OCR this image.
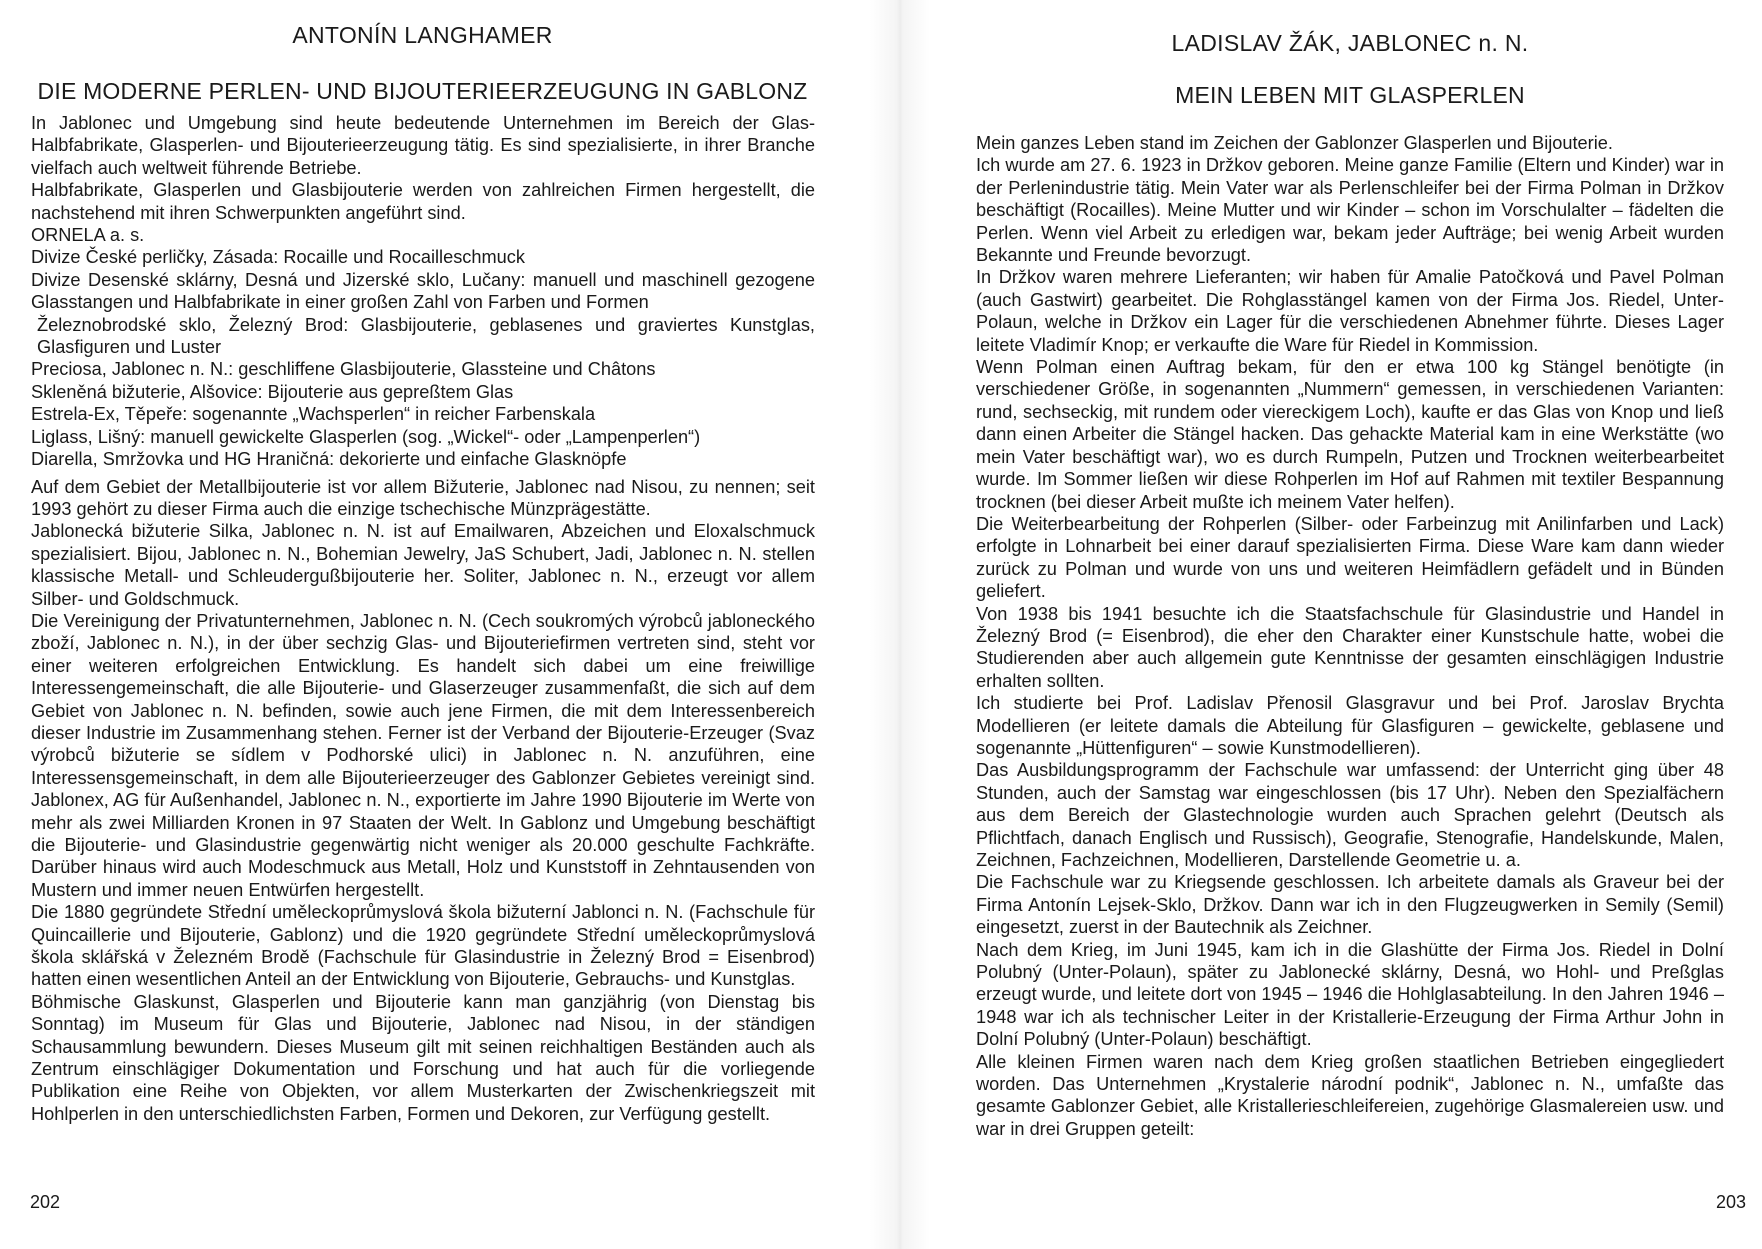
ANTONÍN LANGHAMER
DIE MODERNE PERLEN- UND BIJOUTERIEERZEUGUNG IN GABLONZ

In Jablonec und Umgebung sind heute bedeutende Unternehmen im Bereich der Glas-Halbfabrikate, Glasperlen- und Bijouterieerzeugung tätig. Es sind spezialisierte, in ihrer Branche vielfach auch weltweit führende Betriebe.

Halbfabrikate, Glasperlen und Glasbijouterie werden von zahlreichen Firmen hergestellt, die nachstehend mit ihren Schwerpunkten angeführt sind.

ORNELA a. s.

Divize České perličky, Zásada: Rocaille und Rocailleschmuck

Divize Desenské sklárny, Desná und Jizerské sklo, Lučany: manuell und maschinell gezogene Glasstangen und Halbfabrikate in einer großen Zahl von Farben und Formen

Železnobrodské sklo, Železný Brod: Glasbijouterie, geblasenes und graviertes Kunstglas, Glasfiguren und Luster

Preciosa, Jablonec n. N.: geschliffene Glasbijouterie, Glassteine und Châtons

Skleněná bižuterie, Alšovice: Bijouterie aus gepreßtem Glas

Estrela-Ex, Těpeře: sogenannte „Wachsperlen“ in reicher Farbenskala

Liglass, Lišný: manuell gewickelte Glasperlen (sog. „Wickel“- oder „Lampenperlen“)

Diarella, Smržovka und HG Hraničná: dekorierte und einfache Glasknöpfe

Auf dem Gebiet der Metallbijouterie ist vor allem Bižuterie, Jablonec nad Nisou, zu nennen; seit 1993 gehört zu dieser Firma auch die einzige tschechische Münzprägestätte.

Jablonecká bižuterie Silka, Jablonec n. N. ist auf Emailwaren, Abzeichen und Eloxalschmuck spezialisiert. Bijou, Jablonec n. N., Bohemian Jewelry, JaS Schubert, Jadi, Jablonec n. N. stellen klassische Metall- und Schleudergußbijouterie her. Soliter, Jablonec n. N., erzeugt vor allem Silber- und Goldschmuck.

Die Vereinigung der Privatunternehmen, Jablonec n. N. (Cech soukromých výrobců jabloneckého zboží, Jablonec n. N.), in der über sechzig Glas- und Bijouteriefirmen vertreten sind, steht vor einer weiteren erfolgreichen Entwicklung. Es handelt sich dabei um eine freiwillige Interessengemeinschaft, die alle Bijouterie- und Glaserzeuger zusammenfaßt, die sich auf dem Gebiet von Jablonec n. N. befinden, sowie auch jene Firmen, die mit dem Interessenbereich dieser Industrie im Zusammenhang stehen. Ferner ist der Verband der Bijouterie-Erzeuger (Svaz výrobců bižuterie se sídlem v Podhorské ulici) in Jablonec n. N. anzuführen, eine Interessensgemeinschaft, in dem alle Bijouterieerzeuger des Gablonzer Gebietes vereinigt sind. Jablonex, AG für Außenhandel, Jablonec n. N., exportierte im Jahre 1990 Bijouterie im Werte von mehr als zwei Milliarden Kronen in 97 Staaten der Welt. In Gablonz und Umgebung beschäftigt die Bijouterie- und Glasindustrie gegenwärtig nicht weniger als 20.000 geschulte Fachkräfte. Darüber hinaus wird auch Modeschmuck aus Metall, Holz und Kunststoff in Zehntausenden von Mustern und immer neuen Entwürfen hergestellt.

Die 1880 gegründete Střední uměleckoprůmyslová škola bižuterní Jablonci n. N. (Fachschule für Quincaillerie und Bijouterie, Gablonz) und die 1920 gegründete Střední uměleckoprůmyslová škola sklářská v Železném Brodě (Fachschule für Glasindustrie in Železný Brod = Eisenbrod) hatten einen wesentlichen Anteil an der Entwicklung von Bijouterie, Gebrauchs- und Kunstglas.

Böhmische Glaskunst, Glasperlen und Bijouterie kann man ganzjährig (von Dienstag bis Sonntag) im Museum für Glas und Bijouterie, Jablonec nad Nisou, in der ständigen Schausammlung bewundern. Dieses Museum gilt mit seinen reichhaltigen Beständen auch als Zentrum einschlägiger Dokumentation und Forschung und hat auch für die vorliegende Publikation eine Reihe von Objekten, vor allem Musterkarten der Zwischenkriegszeit mit Hohlperlen in den unterschiedlichsten Farben, Formen und Dekoren, zur Verfügung gestellt.

202
LADISLAV ŽÁK, JABLONEC n. N.
MEIN LEBEN MIT GLASPERLEN

Mein ganzes Leben stand im Zeichen der Gablonzer Glasperlen und Bijouterie.

Ich wurde am 27. 6. 1923 in Držkov geboren. Meine ganze Familie (Eltern und Kinder) war in der Perlenindustrie tätig. Mein Vater war als Perlenschleifer bei der Firma Polman in Držkov beschäftigt (Rocailles). Meine Mutter und wir Kinder – schon im Vorschulalter – fädelten die Perlen. Wenn viel Arbeit zu erledigen war, bekam jeder Aufträge; bei wenig Arbeit wurden Bekannte und Freunde bevorzugt.

In Držkov waren mehrere Lieferanten; wir haben für Amalie Patočková und Pavel Polman (auch Gastwirt) gearbeitet. Die Rohglasstängel kamen von der Firma Jos. Riedel, Unter-Polaun, welche in Držkov ein Lager für die verschiedenen Abnehmer führte. Dieses Lager leitete Vladimír Knop; er verkaufte die Ware für Riedel in Kommission.

Wenn Polman einen Auftrag bekam, für den er etwa 100 kg Stängel benötigte (in verschiedener Größe, in sogenannten „Nummern“ gemessen, in verschiedenen Varianten: rund, sechseckig, mit rundem oder viereckigem Loch), kaufte er das Glas von Knop und ließ dann einen Arbeiter die Stängel hacken. Das gehackte Material kam in eine Werkstätte (wo mein Vater beschäftigt war), wo es durch Rumpeln, Putzen und Trocknen weiterbearbeitet wurde. Im Sommer ließen wir diese Rohperlen im Hof auf Rahmen mit textiler Bespannung trocknen (bei dieser Arbeit mußte ich meinem Vater helfen).

Die Weiterbearbeitung der Rohperlen (Silber- oder Farbeinzug mit Anilinfarben und Lack) erfolgte in Lohnarbeit bei einer darauf spezialisierten Firma. Diese Ware kam dann wieder zurück zu Polman und wurde von uns und weiteren Heimfädlern gefädelt und in Bünden geliefert.

Von 1938 bis 1941 besuchte ich die Staatsfachschule für Glasindustrie und Handel in Železný Brod (= Eisenbrod), die eher den Charakter einer Kunstschule hatte, wobei die Studierenden aber auch allgemein gute Kenntnisse der gesamten einschlägigen Industrie erhalten sollten.

Ich studierte bei Prof. Ladislav Přenosil Glasgravur und bei Prof. Jaroslav Brychta Modellieren (er leitete damals die Abteilung für Glasfiguren – gewickelte, geblasene und sogenannte „Hüttenfiguren“ – sowie Kunstmodellieren).

Das Ausbildungsprogramm der Fachschule war umfassend: der Unterricht ging über 48 Stunden, auch der Samstag war eingeschlossen (bis 17 Uhr). Neben den Spezialfächern aus dem Bereich der Glastechnologie wurden auch Sprachen gelehrt (Deutsch als Pflichtfach, danach Englisch und Russisch), Geografie, Stenografie, Handelskunde, Malen, Zeichnen, Fachzeichnen, Modellieren, Darstellende Geometrie u. a.

Die Fachschule war zu Kriegsende geschlossen. Ich arbeitete damals als Graveur bei der Firma Antonín Lejsek-Sklo, Držkov. Dann war ich in den Flugzeugwerken in Semily (Semil) eingesetzt, zuerst in der Bautechnik als Zeichner.

Nach dem Krieg, im Juni 1945, kam ich in die Glashütte der Firma Jos. Riedel in Dolní Polubný (Unter-Polaun), später zu Jablonecké sklárny, Desná, wo Hohl- und Preßglas erzeugt wurde, und leitete dort von 1945 – 1946 die Hohlglasabteilung. In den Jahren 1946 – 1948 war ich als technischer Leiter in der Kristallerie-Erzeugung der Firma Arthur John in Dolní Polubný (Unter-Polaun) beschäftigt.

Alle kleinen Firmen waren nach dem Krieg großen staatlichen Betrieben eingegliedert worden. Das Unternehmen „Krystalerie národní podnik“, Jablonec n. N., umfaßte das gesamte Gablonzer Gebiet, alle Kristallerieschleifereien, zugehörige Glasmalereien usw. und war in drei Gruppen geteilt:

203
